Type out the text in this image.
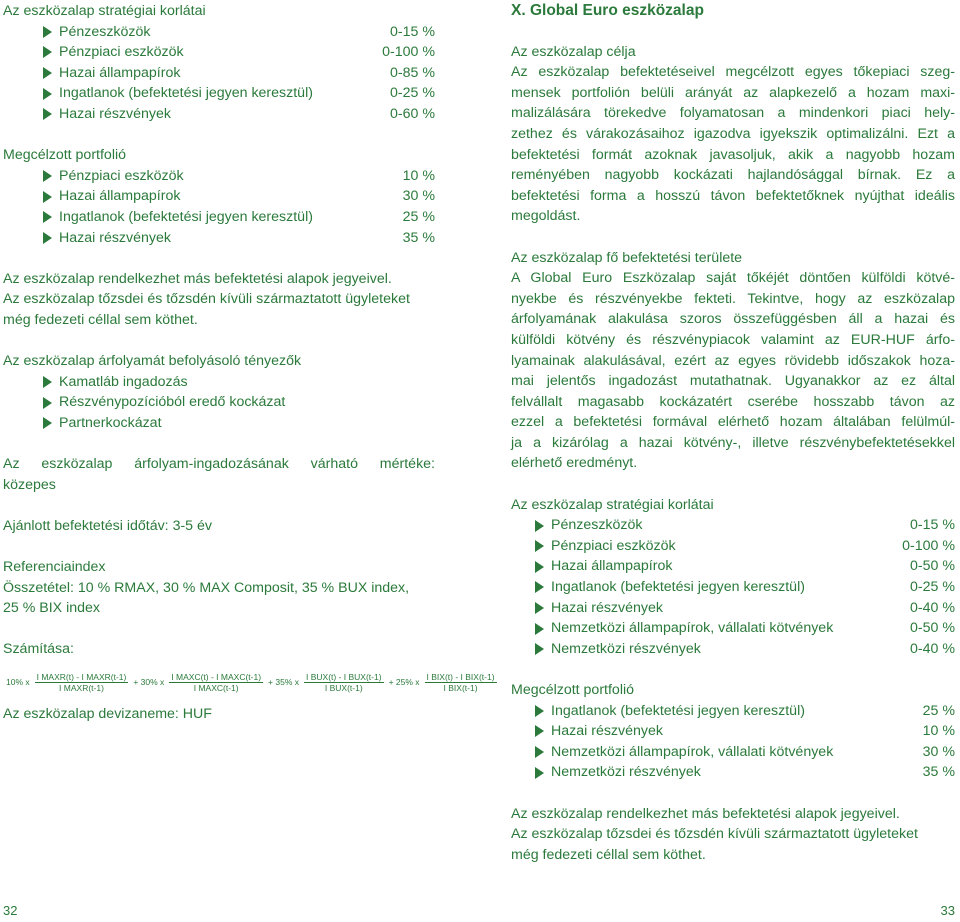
Az eszközalap stratégiai korlátai
Pénzeszközök	0-15 %
Pénzpiaci eszközök	0-100 %
Hazai állampapírok	0-85 %
Ingatlanok (befektetési jegyen keresztül)	0-25 %
Hazai részvények	0-60 %
Megcélzott portfolió
Pénzpiaci eszközök	10 %
Hazai állampapírok	30 %
Ingatlanok (befektetési jegyen keresztül)	25 %
Hazai részvények	35 %
Az eszközalap rendelkezhet más befektetési alapok jegyeivel.
Az eszközalap tőzsdei és tőzsdén kívüli származtatott ügyleteket
még fedezeti céllal sem köthet.
Az eszközalap árfolyamát befolyásoló tényezők
Kamatláb ingadozás
Részvénypozícióból eredő kockázat
Partnerkockázat
Az eszközalap árfolyam-ingadozásának várható mértéke:
közepes
Ajánlott befektetési időtáv: 3-5 év
Referenciaindex
Összetétel: 10 % RMAX, 30 % MAX Composit, 35 % BUX index,
25 % BIX index
Számítása:
10% x $\frac{\text{I MAXR(t) - I MAXR(t-1)}}{\text{I MAXR(t-1)}} + 30\%$ x $\frac{\text{I MAXC(t) - I MAXC(t-1)}}{\text{I MAXC(t-1)}} + 35\%$ x $\frac{\text{I BUX(t) - I BUX(t-1)}}{\text{I BUX(t-1)}} + 25\%$ x $\frac{\text{I BIX(t) - I BIX(t-1)}}{\text{I BIX(t-1)}}$
Az eszközalap devizaneme: HUF
X. Global Euro eszközalap
Az eszközalap célja
Az eszközalap befektetéseivel megcélzott egyes tőkepiaci szeg-
mensek portfolión belüli arányát az alapkezelő a hozam maxi-
malizálására törekedve folyamatosan a mindenkori piaci hely-
zethez és várakozásaihoz igazodva igyekszik optimalizálni. Ezt a
befektetési formát azoknak javasoljuk, akik a nagyobb hozam
reményében nagyobb kockázati hajlandósággal bírnak. Ez a
befektetési forma a hosszú távon befektetőknek nyújthat ideális
megoldást.
Az eszközalap fő befektetési területe
A Global Euro Eszközalap saját tőkéjét döntően külföldi kötvé-
nyekbe és részvényekbe fekteti. Tekintve, hogy az eszközalap
árfolyamának alakulása szoros összefüggésben áll a hazai és
külföldi kötvény és részvénypiacok valamint az EUR-HUF árfo-
lyamainak alakulásával, ezért az egyes rövidebb időszakok hoza-
mai jelentős ingadozást mutathatnak. Ugyanakkor az ez által
felvállalt magasabb kockázatért cserébe hosszabb távon az
ezzel a befektetési formával elérhető hozam általában felülmúl-
ja a kizárólag a hazai kötvény-, illetve részvénybefektetésekkel
elérhető eredményt.
Az eszközalap stratégiai korlátai
Pénzeszközök	0-15 %
Pénzpiaci eszközök	0-100 %
Hazai állampapírok	0-50 %
Ingatlanok (befektetési jegyen keresztül)	0-25 %
Hazai részvények	0-40 %
Nemzetközi állampapírok, vállalati kötvények	0-50 %
Nemzetközi részvények	0-40 %
Megcélzott portfolió
Ingatlanok (befektetési jegyen keresztül)	25 %
Hazai részvények	10 %
Nemzetközi állampapírok, vállalati kötvények	30 %
Nemzetközi részvények	35 %
Az eszközalap rendelkezhet más befektetési alapok jegyeivel.
Az eszközalap tőzsdei és tőzsdén kívüli származtatott ügyleteket
még fedezeti céllal sem köthet.
32	33
